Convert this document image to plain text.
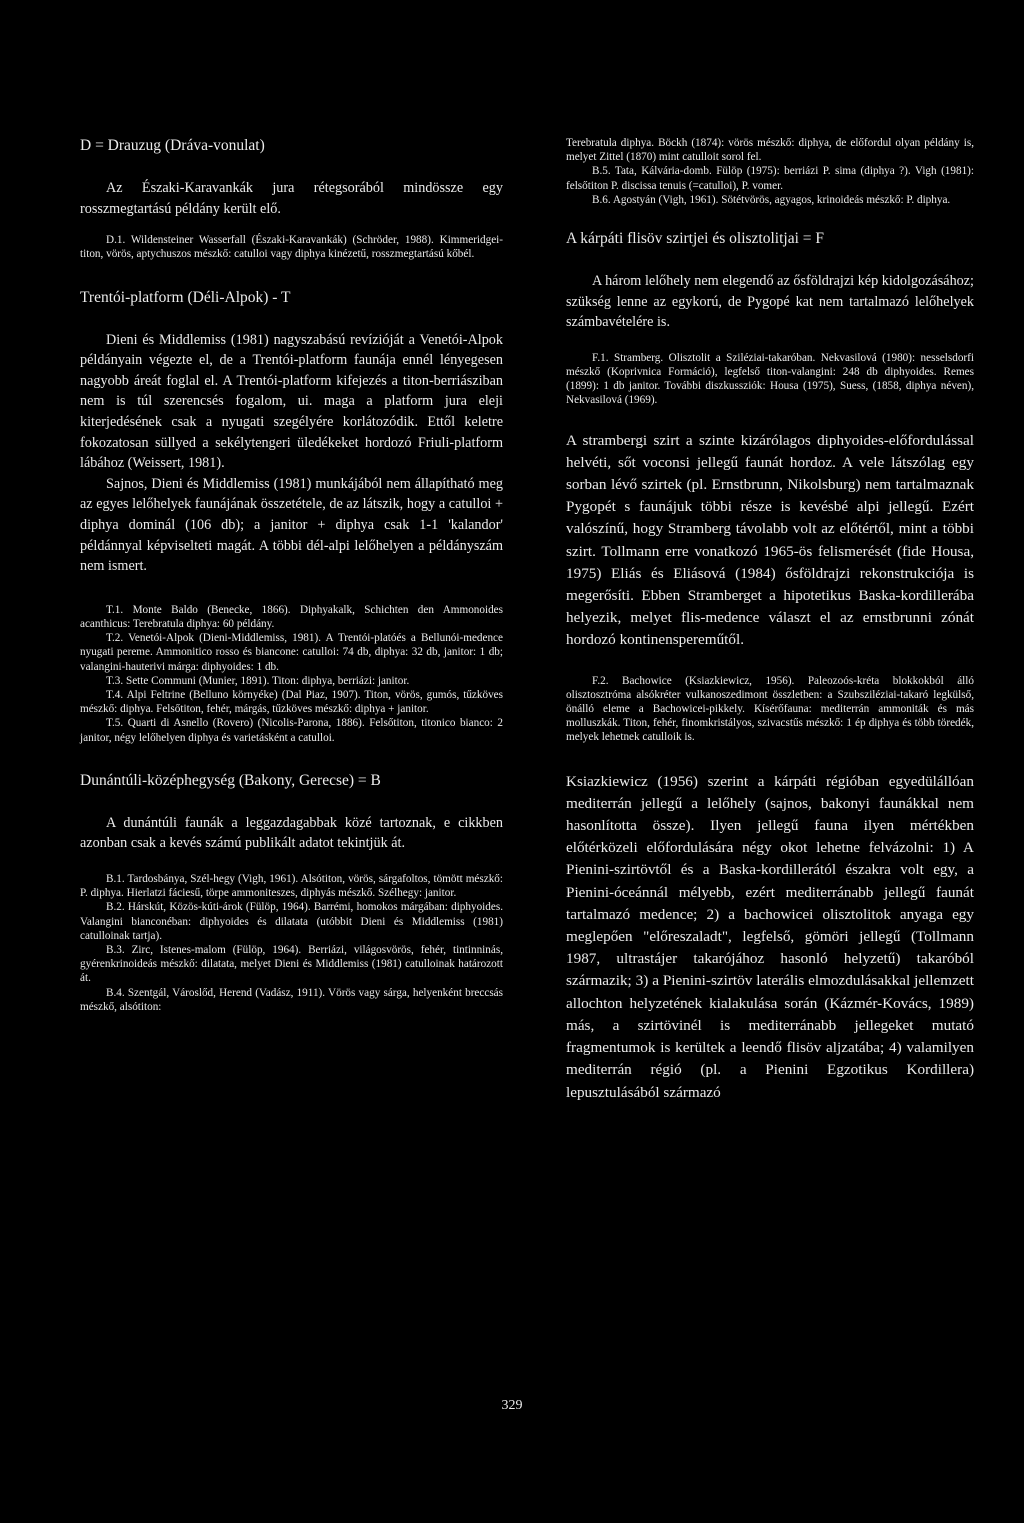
D = Drauzug (Dráva-vonulat)

Az Északi-Karavankák jura rétegsorából mindössze egy rosszmegtartású példány került elő.

D.1. Wildensteiner Wasserfall (Északi-Karavankák) (Schröder, 1988). Kimmeridgei-titon, vörös, aptychuszos mészkő: catulloi vagy diphya kinézetű, rosszmegtartású kőbél.

Trentói-platform (Déli-Alpok) - T

Dieni és Middlemiss (1981) nagyszabású revízióját a Venetói-Alpok példányain végezte el, de a Trentói-platform faunája ennél lényegesen nagyobb áreát foglal el. A Trentói-platform kifejezés a titon-berriásziban nem is túl szerencsés fogalom, ui. maga a platform jura eleji kiterjedésének csak a nyugati szegélyére korlátozódik. Ettől keletre fokozatosan süllyed a sekélytengeri üledékeket hordozó Friuli-platform lábához (Weissert, 1981).

Sajnos, Dieni és Middlemiss (1981) munkájából nem állapítható meg az egyes lelőhelyek faunájának összetétele, de az látszik, hogy a catulloi + diphya dominál (106 db); a janitor + diphya csak 1-1 'kalandor' példánnyal képviselteti magát. A többi dél-alpi lelőhelyen a példányszám nem ismert.

T.1. Monte Baldo (Benecke, 1866). Diphyakalk, Schichten den Ammonoides acanthicus: Terebratula diphya: 60 példány.

T.2. Venetói-Alpok (Dieni-Middlemiss, 1981). A Trentói-platóés a Bellunói-medence nyugati pereme. Ammonitico rosso és biancone: catulloi: 74 db, diphya: 32 db, janitor: 1 db; valangini-hauterivi márga: diphyoides: 1 db.

T.3. Sette Communi (Munier, 1891). Titon: diphya, berriázi: janitor.

T.4. Alpi Feltrine (Belluno környéke) (Dal Piaz, 1907). Titon, vörös, gumós, tűzköves mészkő: diphya. Felsőtiton, fehér, márgás, tűzköves mészkő: diphya + janitor.

T.5. Quarti di Asnello (Rovero) (Nicolis-Parona, 1886). Felsőtiton, titonico bianco: 2 janitor, négy lelőhelyen diphya és varietásként a catulloi.

Dunántúli-középhegység (Bakony, Gerecse) = B

A dunántúli faunák a leggazdagabbak közé tartoznak, e cikkben azonban csak a kevés számú publikált adatot tekintjük át.

B.1. Tardosbánya, Szél-hegy (Vigh, 1961). Alsótiton, vörös, sárgafoltos, tömött mészkő: P. diphya. Hierlatzi fáciesű, törpe ammoniteszes, diphyás mészkő. Szélhegy: janitor.

B.2. Hárskút, Közös-kúti-árok (Fülöp, 1964). Barrémi, homokos márgában: diphyoides. Valangini bianconéban: diphyoides és dilatata (utóbbit Dieni és Middlemiss (1981) catulloinak tartja).

B.3. Zirc, Istenes-malom (Fülöp, 1964). Berriázi, világosvörös, fehér, tintinninás, gyérenkrinoideás mészkő: dilatata, melyet Dieni és Middlemiss (1981) catulloinak határozott át.

B.4. Szentgál, Városlőd, Herend (Vadász, 1911). Vörös vagy sárga, helyenként breccsás mészkő, alsótiton:

Terebratula diphya. Böckh (1874): vörös mészkő: diphya, de előfordul olyan példány is, melyet Zittel (1870) mint catulloit sorol fel.

B.5. Tata, Kálvária-domb. Fülöp (1975): berriázi P. sima (diphya ?). Vigh (1981): felsőtiton P. discissa tenuis (=catulloi), P. vomer.

B.6. Agostyán (Vigh, 1961). Sötétvörös, agyagos, krinoideás mészkő: P. diphya.

A kárpáti flisöv szirtjei és olisztolitjai = F

A három lelőhely nem elegendő az ősföldrajzi kép kidolgozásához; szükség lenne az egykorú, de Pygopé kat nem tartalmazó lelőhelyek számbavételére is.

F.1. Stramberg. Olisztolit a Sziléziai-takaróban. Nekvasilová (1980): nesselsdorfi mészkő (Koprivnica Formáció), legfelső titon-valangini: 248 db diphyoides. Remes (1899): 1 db janitor. További diszkussziók: Housa (1975), Suess, (1858, diphya néven), Nekvasilová (1969).

A strambergi szirt a szinte kizárólagos diphyoides-előfordulással helvéti, sőt voconsi jellegű faunát hordoz. A vele látszólag egy sorban lévő szirtek (pl. Ernstbrunn, Nikolsburg) nem tartalmaznak Pygopét s faunájuk többi része is kevésbé alpi jellegű. Ezért valószínű, hogy Stramberg távolabb volt az előtértől, mint a többi szirt. Tollmann erre vonatkozó 1965-ös felismerését (fide Housa, 1975) Eliás és Eliásová (1984) ősföldrajzi rekonstrukciója is megerősíti. Ebben Stramberget a hipotetikus Baska-kordillerába helyezik, melyet flis-medence választ el az ernstbrunni zónát hordozó kontinenspereműtől.

F.2. Bachowice (Ksiazkiewicz, 1956). Paleozoós-kréta blokkokból álló olisztosztróma alsókréter vulkanoszedimont összletben: a Szubsziléziai-takaró legkülső, önálló eleme a Bachowicei-pikkely. Kísérőfauna: mediterrán ammoniták és más molluszkák. Titon, fehér, finomkristályos, szivacstűs mészkő: 1 ép diphya és több töredék, melyek lehetnek catulloik is.

Ksiazkiewicz (1956) szerint a kárpáti régióban egyedülállóan mediterrán jellegű a lelőhely (sajnos, bakonyi faunákkal nem hasonlította össze). Ilyen jellegű fauna ilyen mértékben előtérközeli előfordulására négy okot lehetne felvázolni: 1) A Pienini-szirtövtől és a Baska-kordillerától északra volt egy, a Pienini-óceánnál mélyebb, ezért mediterránabb jellegű faunát tartalmazó medence; 2) a bachowicei olisztolitok anyaga egy meglepően "előreszaladt", legfelső, gömöri jellegű (Tollmann 1987, ultrastájer takarójához hasonló helyzetű) takaróból származik; 3) a Pienini-szirtöv laterális elmozdulásakkal jellemzett allochton helyzetének kialakulása során (Kázmér-Kovács, 1989) más, a szirtövinél is mediterránabb jellegeket mutató fragmentumok is kerültek a leendő flisöv aljzatába; 4) valamilyen mediterrán régió (pl. a Pienini Egzotikus Kordillera) lepusztulásából származó

329
